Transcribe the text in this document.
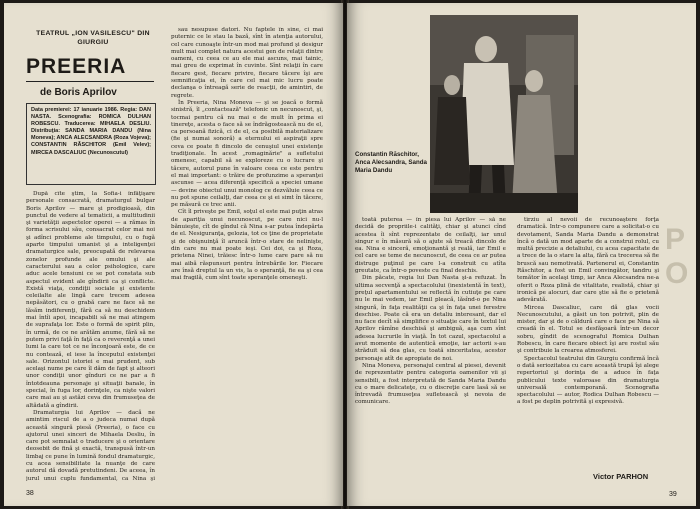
TEATRUL „ION VASILESCU" DIN GIURGIU

PREERIA

de Boris Aprilov

Data premierei: 17 ianuarie 1986. Regia: DAN NASTA. Scenografia: ROMICA DULHAN ROBESCU. Traducerea: MIHAELA DESLIU. Distribuţia: SANDA MARIA DANDU (Nina Moneva); ANCA ALECSANDRA (Roza Vojeva); CONSTANTIN RĂSCHITOR (Emil Velev); MIRCEA DASCALIUC (Necunoscutul)

După cîte ştim, la Sofia-i înfăţişare personale consacrată, dramaturgul bulgar Boris Aprilov — mare şi prodigioasă, din punctul de vedere al tematicii, a multitudinii şi varietăţii aspectelor operei — a rămas în forma scrisului său, consacrat celor mai noi şi adînci probleme ale timpului, cu o fugă aparte timpului umanist şi a inteligenţei dramaturgice sale, preocupată de relevarea zonelor profunde ale omului şi ale caracterului sau a celor psihologice, care aduc acele tensiuni ce se pot constata sub aspectul evident ale gîndirii ca şi conflicte. Există viaţa, condiţii sociale şi existente celeilalte ale lingă care trecem adesea nepăsători, cu o grabă care ne face să ne lăsăm indiferenţi, fără ca să nu deschidem mai întîi apoi, incapabili să ne mai atingem de suprafaţa lor. Este o formă de spirit plin, în urmă, de ce ne arătăm anume, fără să ne putem privi faţă în faţă ca o reverenţă a unei lumi la care tot ce ne înconjoară este, de ce nu contează, el iese la începutul existenţei sale. Orizontul istoriei e mai prudent, sub acelaşi nume pe care îl dăm de fapt şi alteori unor condiţii unor gînduri ce ne par a fi întotdeauna personaje şi situaţii banale, în special, în fuga lor, dorinţele, ca nişte valori care mai au şi astăzi ceva din frumuseţea de altădată a gîndirii.

Dramaturgia lui Aprilov — dacă ne amintim riscul de a o judeca numai după această singură piesă (Preeria), o face cu ajutorul unei sinceri de Mihaela Desliu, în care pot semnalat o traducere şi o orientare deosebit de fină şi exactă, transpusă într-un limbaj ce pune în lumină fondul dramaturgic, cu acea sensibilitate la nuanţe de care autorul dă dovadă pretutindeni. De aceea, în jurul unui cuplu fundamental, ca Nina şi

sau nesupuse datori. Nu faptele în sine, ci mai puternic ce le stau la bază, sînt în atenţia autorului, cel care cunoaşte într-un mod mai profund şi desigur mult mai complet natura acestui gen de relaţii dintre oameni, cu ceea ce au ele mai ascuns, mai tainic, mai greu de exprimat în cuvinte. Sînt relaţii în care fiecare gest, fiecare privire, fiecare tăcere îşi are semnificaţia ei, în care cel mai mic lucru poate declanşa o întreagă serie de reacţii, de amintiri, de regrete.

În Preeria, Nina Moneva — şi se joacă o formă sinistră, îl „contactează" telefonic un necunoscut, şi, tocmai pentru că nu mai e de mult în prima ei tinereţe, acesta o face să se îndrăgostească nu de el, ca persoană fizică, ci de el, ca posibilă materializare (fie şi numai sonoră) a eternului ei aspiraţii spre ceva ce poate fi dincolo de cenuşiul unei existenţe tradiţionale. În acest „romaginărie" a sufletului omenesc, capabil să se exploreze cu o lucrare şi tăcere, autorul pune în valoare ceea ce este pentru el mai important: o trăire de profunzime a speranţei ascunse — acea diferenţă specifică a speciei umane — devine obiectul unui monolog ce dezvăluie ceea ce nu pot spune ceilalţi, dar ceea ce şi ei simt în tăcere, pe măsură ce trec anii.

Cît îl priveşte pe Emil, soţul el este mai puţin atras de apariţia unui necunoscut, pe care nici nu-l bănuieşte, cît de gîndul că Nina s-ar putea îndepărta de el. Nesiguranţa, gelozia, tot ce ţine de proprietate şi de obişnuinţă îl aruncă într-o stare de nelinişte, din care nu mai poate ieşi. Cei doi, ca şi Roza, prietena Ninei, trăiesc într-o lume care pare să nu mai aibă răspunsuri pentru întrebările lor. Fiecare are însă dreptul la un vis, la o speranţă, fie ea şi cea mai fragilă, cum sînt toate speranţele omeneşti.

38
Constantin Răschitor, Anca Alecsandra, Sanda Maria Dandu

toată puterea — în piesa lui Aprilov — să ne decidă de propriile-i calităţi, chiar şi atunci cînd acestea îi sînt reprezentate de ceilalţi, iar unul singur e în măsură să o ajute să treacă dincolo de ea. Nina e sinceră, emoţionantă şi reală, iar Emil e cel care se teme de necunoscut, de ceea ce ar putea distruge puţinul pe care l-a construit cu atîta greutate, ca într-o poveste cu final deschis.

Din păcate, regia lui Dan Nasta şi-a refuzat. În ultima secvenţă a spectacolului (inexistentă în text), preţul apartamentului se reflectă în cutiuţe pe care nu le mai vedem, iar Emil pleacă, lăsînd-o pe Nina singură, în faţa realităţii ca şi în faţa unei ferestre deschise. Poate că era un detaliu interesant, dar el nu face decît să simplifice o situaţie care în textul lui Aprilov rămîne deschisă şi ambiguă, aşa cum sînt adesea lucrurile în viaţă. În tot cazul, spectacolul a avut momente de autentică emoţie, iar actorii s-au străduit să dea glas, cu toată sinceritatea, acestor personaje atît de apropiate de noi.

Nina Moneva, personajul central al piesei, devenit de reprezentativ pentru categoria oamenilor vii şi sensibili, a fost interpretată de Sanda Maria Dandu cu o mare delicateţe, cu o discreţie care lasă să se întrevadă frumuseţea sufletească şi nevoia de comunicare.

tîrziu al nevoii de recunoaştere forţa dramatică. Intr-o compunere care a solicitat-o cu devotament, Sanda Maria Dandu a demonstrat încă o dată un mod aparte de a construi rolul, cu multă precizie a detaliului, cu acea capacitate de a trece de la o stare la alta, fără ca trecerea să fie bruscă sau nemotivată. Partenerul ei, Constantin Răschitor, a fost un Emil convingător, tandru şi temător în acelaşi timp, iar Anca Alecsandra ne-a oferit o Roza plină de vitalitate, realistă, chiar şi ironică pe alocuri, dar care ştie să fie o prietenă adevărată.

Mircea Dascaliuc, care dă glas vocii Necunoscutului, a găsit un ton potrivit, plin de mister, dar şi de o căldură care o face pe Nina să creadă în el. Totul se desfăşoară într-un decor sobru, gîndit de scenograful Romica Dulhan Robescu, în care fiecare obiect îşi are rostul său şi contribuie la crearea atmosferei.

Spectacolul teatrului din Giurgiu confirmă încă o dată seriozitatea cu care această trupă îşi alege repertoriul şi dorinţa de a aduce în faţa publicului texte valoroase din dramaturgia universală contemporană. Scenografia spectacolului — autor, Rodica Dulhan Robescu — a fost pe deplin potrivită şi expresivă.

Victor PARHON
PO
39
